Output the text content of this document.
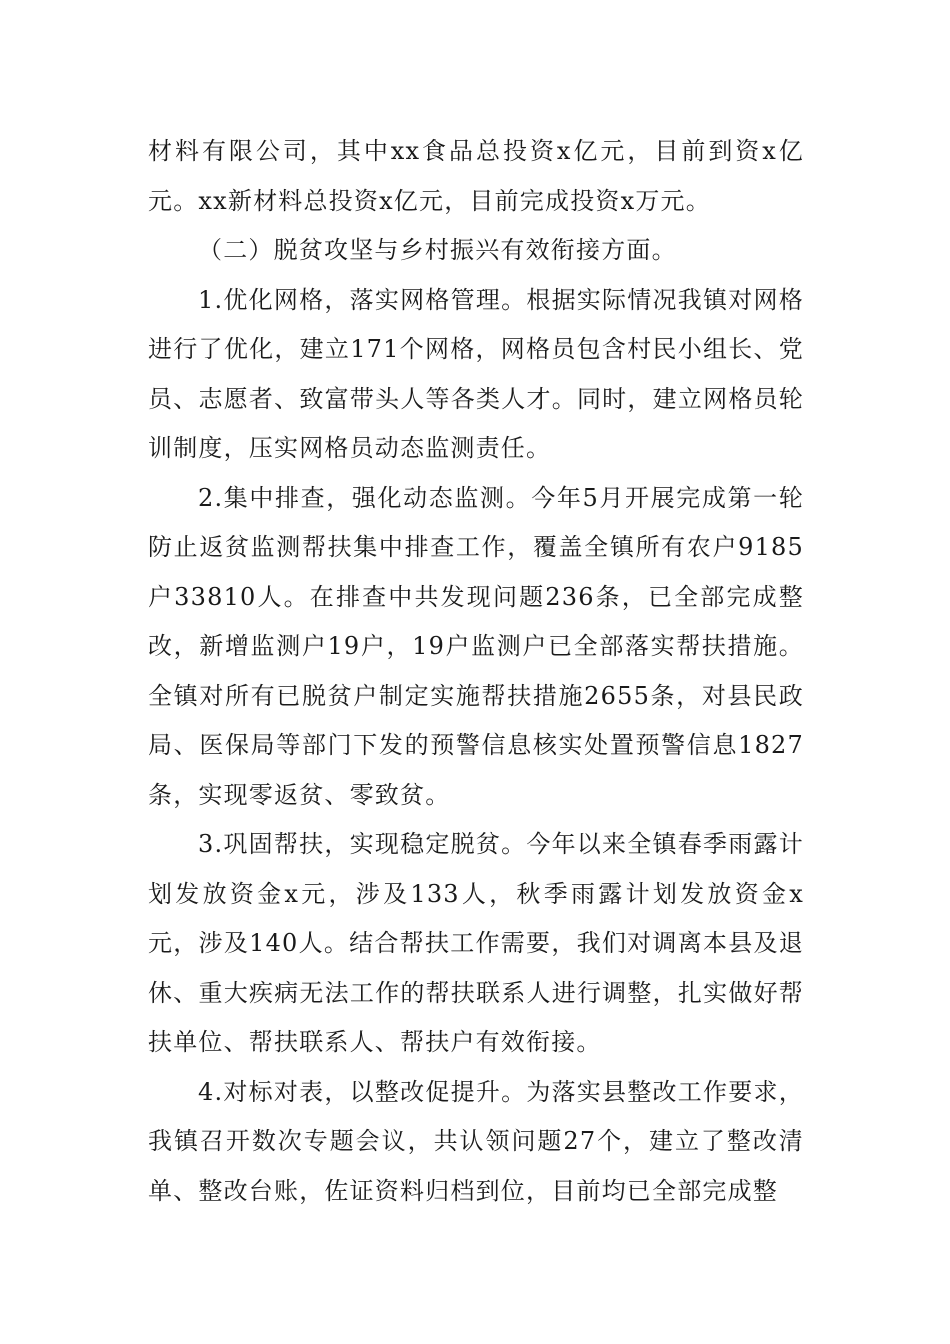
材料有限公司，其中xx食品总投资x亿元，目前到资x亿元。xx新材料总投资x亿元，目前完成投资x万元。

（二）脱贫攻坚与乡村振兴有效衔接方面。

1.优化网格，落实网格管理。根据实际情况我镇对网格进行了优化，建立171个网格，网格员包含村民小组长、党员、志愿者、致富带头人等各类人才。同时，建立网格员轮训制度，压实网格员动态监测责任。

2.集中排查，强化动态监测。今年5月开展完成第一轮防止返贫监测帮扶集中排查工作，覆盖全镇所有农户9185户33810人。在排查中共发现问题236条，已全部完成整改，新增监测户19户，19户监测户已全部落实帮扶措施。全镇对所有已脱贫户制定实施帮扶措施2655条，对县民政局、医保局等部门下发的预警信息核实处置预警信息1827条，实现零返贫、零致贫。

3.巩固帮扶，实现稳定脱贫。今年以来全镇春季雨露计划发放资金x元，涉及133人，秋季雨露计划发放资金x元，涉及140人。结合帮扶工作需要，我们对调离本县及退休、重大疾病无法工作的帮扶联系人进行调整，扎实做好帮扶单位、帮扶联系人、帮扶户有效衔接。

4.对标对表，以整改促提升。为落实县整改工作要求，我镇召开数次专题会议，共认领问题27个，建立了整改清单、整改台账，佐证资料归档到位，目前均已全部完成整
